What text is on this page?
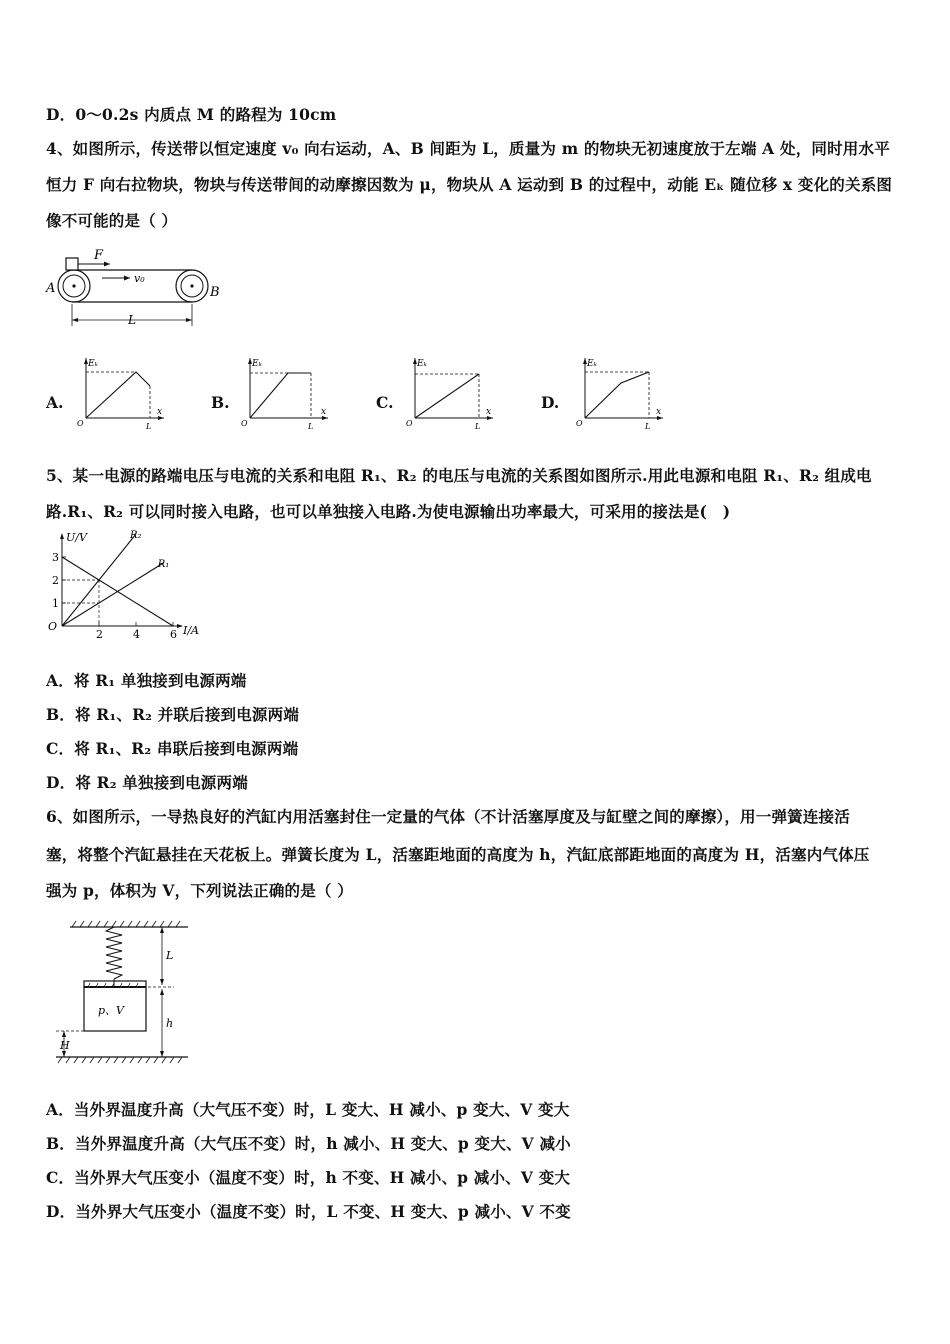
D．0～0.2s 内质点 M 的路程为 10cm
4、如图所示，传送带以恒定速度 v₀ 向右运动，A、B 间距为 L，质量为 m 的物块无初速度放于左端 A 处，同时用水平
恒力 F 向右拉物块，物块与传送带间的动摩擦因数为 μ，物块从 A 运动到 B 的过程中，动能 Eₖ 随位移 x 变化的关系图
像不可能的是（ ）
F
v₀
A	B
L
A.
Eₖ
x
O	L
B.
Eₖ
x
O	L
C.
Eₖ
x
O	L
D.
Eₖ
x
O	L
5、某一电源的路端电压与电流的关系和电阻 R₁、R₂ 的电压与电流的关系图如图所示.用此电源和电阻 R₁、R₂ 组成电
路.R₁、R₂ 可以同时接入电路，也可以单独接入电路.为使电源输出功率最大，可采用的接法是(　)
U/V
I/A
O
1
2
3
2	4	6
R₂
R₁
A．将 R₁ 单独接到电源两端
B．将 R₁、R₂ 并联后接到电源两端
C．将 R₁、R₂ 串联后接到电源两端
D．将 R₂ 单独接到电源两端
6、如图所示，一导热良好的汽缸内用活塞封住一定量的气体（不计活塞厚度及与缸壁之间的摩擦），用一弹簧连接活
塞，将整个汽缸悬挂在天花板上。弹簧长度为 L，活塞距地面的高度为 h，汽缸底部距地面的高度为 H，活塞内气体压
强为 p，体积为 V，下列说法正确的是（ ）
p、V
L
h
H
A．当外界温度升高（大气压不变）时，L 变大、H 减小、p 变大、V 变大
B．当外界温度升高（大气压不变）时，h 减小、H 变大、p 变大、V 减小
C．当外界大气压变小（温度不变）时，h 不变、H 减小、p 减小、V 变大
D．当外界大气压变小（温度不变）时，L 不变、H 变大、p 减小、V 不变
